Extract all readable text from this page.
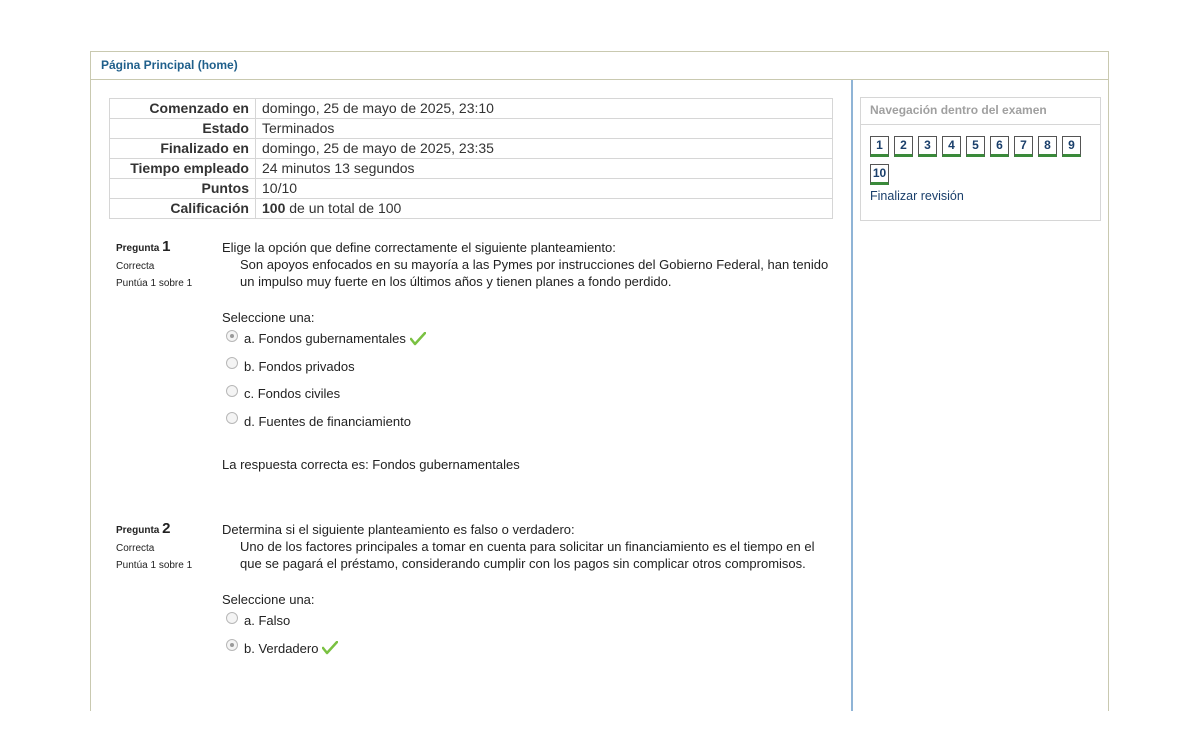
Página Principal (home)
Comenzado en	domingo, 25 de mayo de 2025, 23:10
Estado	Terminados
Finalizado en	domingo, 25 de mayo de 2025, 23:35
Tiempo empleado	24 minutos 13 segundos
Puntos	10/10
Calificación	100 de un total de 100
Pregunta 1
Correcta
Puntúa 1 sobre 1
Elige la opción que define correctamente el siguiente planteamiento:
Son apoyos enfocados en su mayoría a las Pymes por instrucciones del Gobierno Federal, han tenido un impulso muy fuerte en los últimos años y tienen planes a fondo perdido.
Seleccione una:
a. Fondos gubernamentales
b. Fondos privados
c. Fondos civiles
d. Fuentes de financiamiento
La respuesta correcta es: Fondos gubernamentales
Pregunta 2
Correcta
Puntúa 1 sobre 1
Determina si el siguiente planteamiento es falso o verdadero:
Uno de los factores principales a tomar en cuenta para solicitar un financiamiento es el tiempo en el que se pagará el préstamo, considerando cumplir con los pagos sin complicar otros compromisos.
Seleccione una:
a. Falso
b. Verdadero
Navegación dentro del examen
1 2 3 4 5 6 7 8 9
10
Finalizar revisión
